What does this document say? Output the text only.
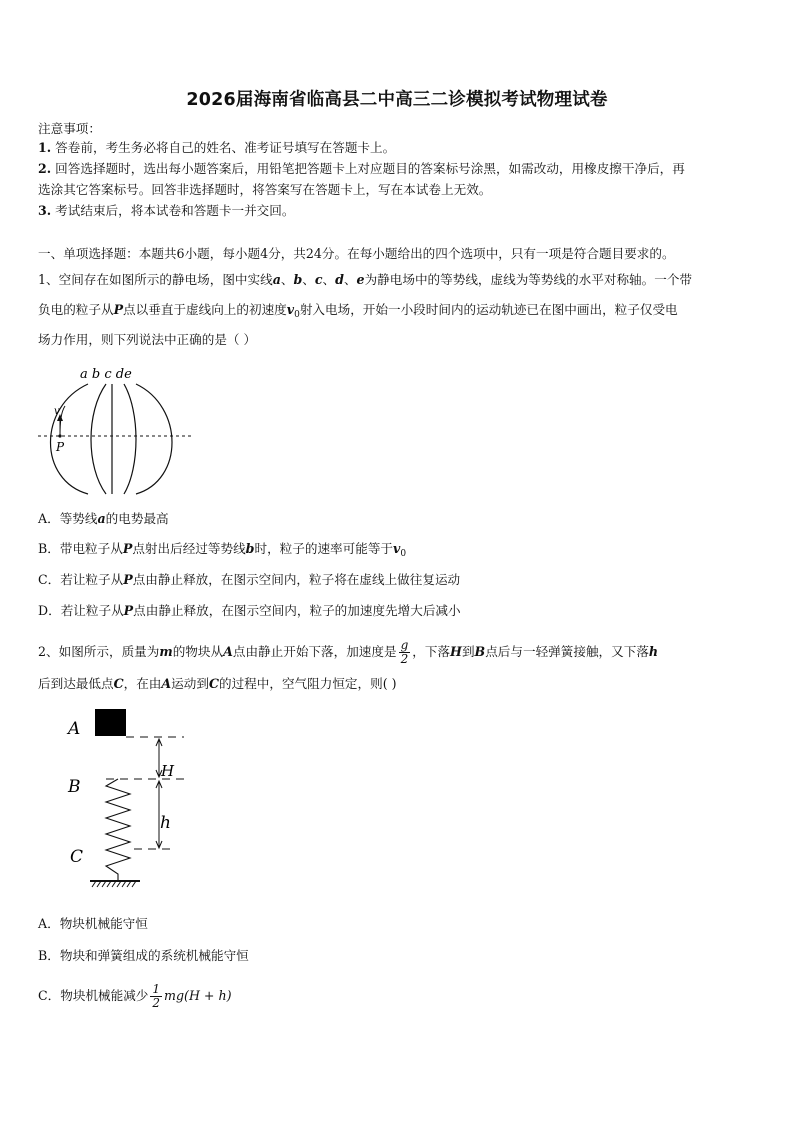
2026届海南省临高县二中高三二诊模拟考试物理试卷
注意事项：
1. 答卷前，考生务必将自己的姓名、准考证号填写在答题卡上。
2. 回答选择题时，选出每小题答案后，用铅笔把答题卡上对应题目的答案标号涂黑，如需改动，用橡皮擦干净后，再
选涂其它答案标号。回答非选择题时，将答案写在答题卡上，写在本试卷上无效。
3. 考试结束后，将本试卷和答题卡一并交回。
一、单项选择题：本题共6小题，每小题4分，共24分。在每小题给出的四个选项中，只有一项是符合题目要求的。
1、空间存在如图所示的静电场，图中实线a、b、c、d、e为静电场中的等势线，虚线为等势线的水平对称轴。一个带
负电的粒子从P点以垂直于虚线向上的初速度$v_0$射入电场，开始一小段时间内的运动轨迹已在图中画出，粒子仅受电
场力作用，则下列说法中正确的是（ ）
a b c de
v
P
A．等势线a的电势最高
B．带电粒子从P点射出后经过等势线b时，粒子的速率可能等于$v_0$
C．若让粒子从P点由静止释放，在图示空间内，粒子将在虚线上做往复运动
D．若让粒子从P点由静止释放，在图示空间内，粒子的加速度先增大后减小
2、如图所示，质量为m的物块从A点由静止开始下落，加速度是 $\frac{g}{2}$ ，下落H到B点后与一轻弹簧接触，又下落h
后到达最低点C，在由A运动到C的过程中，空气阻力恒定，则( )
A
B
C
H
h
A．物块机械能守恒
B．物块和弹簧组成的系统机械能守恒
C．物块机械能减少 $\frac{1}{2} mg(H + h)$
